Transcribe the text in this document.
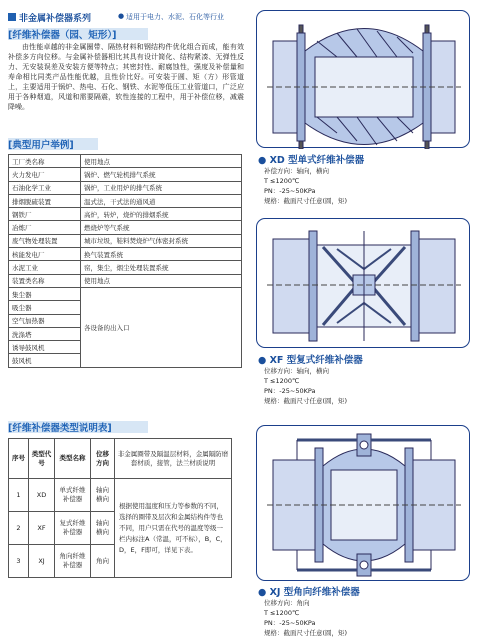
非金属补偿器系列	● 适用于电力、水泥、石化等行业
[纤维补偿器（园、矩形）]

由性能卓越的非金属圈带、隔热材料和钢结构件优化组合而成，能有效补偿多方向位移。与金属补偿器相比其具有设计简化、结构紧凑、无弹性反力、无安装误差及安装方便等特点；其密封性、耐腐蚀性，强度及补偿量和寿命相比同类产品性能优越，且性价比好。可安装于圆、矩（方）形管道上，主要适用于锅炉、热电、石化、钢铁、水泥等低压工业管道口，广泛应用于各种烟道，风道和需要隔震，软性连接的工程中，用于补偿位移，减震降噪。

[典型用户举例]
工厂类名称	使用地点
火力发电厂	锅炉、燃气轮机排气系统
石油化学工业	锅炉，工业用炉的排气系统
排烟脱硫装置	温式法，干式法的通风道
钢铁厂	高炉，转炉，烧炉的排烟系统
冶炼厂	燃烧炉等气系统
废气物处理装置	城市垃圾，鞋料焚烧炉气体密封系统
核能发电厂	换气装置系统
水泥工业	窑，集尘，烟尘处理装置系统
装置类名称	使用地点
集尘器	各设备的出入口
吸尘器	
空气加热器	
洗涤塔	
诱导鼓风机	
鼓风机	
[纤维补偿器类型说明表]
序号	类型代号	类型名称	位移方向	非金属圈带及隔温层材料，金属隔防磨套材质，接管，法兰材质说明
1	XD	单式纤维补偿器	轴向横向	根据使用温度和压力等参数的不同，选择的圈带及层次和金属结构件等也不同，用户只需在代号的温度等级一栏内标注A（常温，可不标），B，C，D，E，F即可，详见下表。
2	XF	复式纤维补偿器	轴向横向	
3	XJ	角向纤维补偿器	角向	
● XD 型单式纤维补偿器
补偿方向：轴向，横向
T ≤1200℃
PN：-25~50KPa
规格：截面尺寸任意(圆，矩)
● XF 型复式纤维补偿器
位移方向：轴向，横向
T ≤1200℃
PN：-25~50KPa
规格：截面尺寸任意(圆，矩)
● XJ 型角向纤维补偿器
位移方向：角向
T ≤1200℃
PN：-25~50KPa
规格：截面尺寸任意(圆，矩)
